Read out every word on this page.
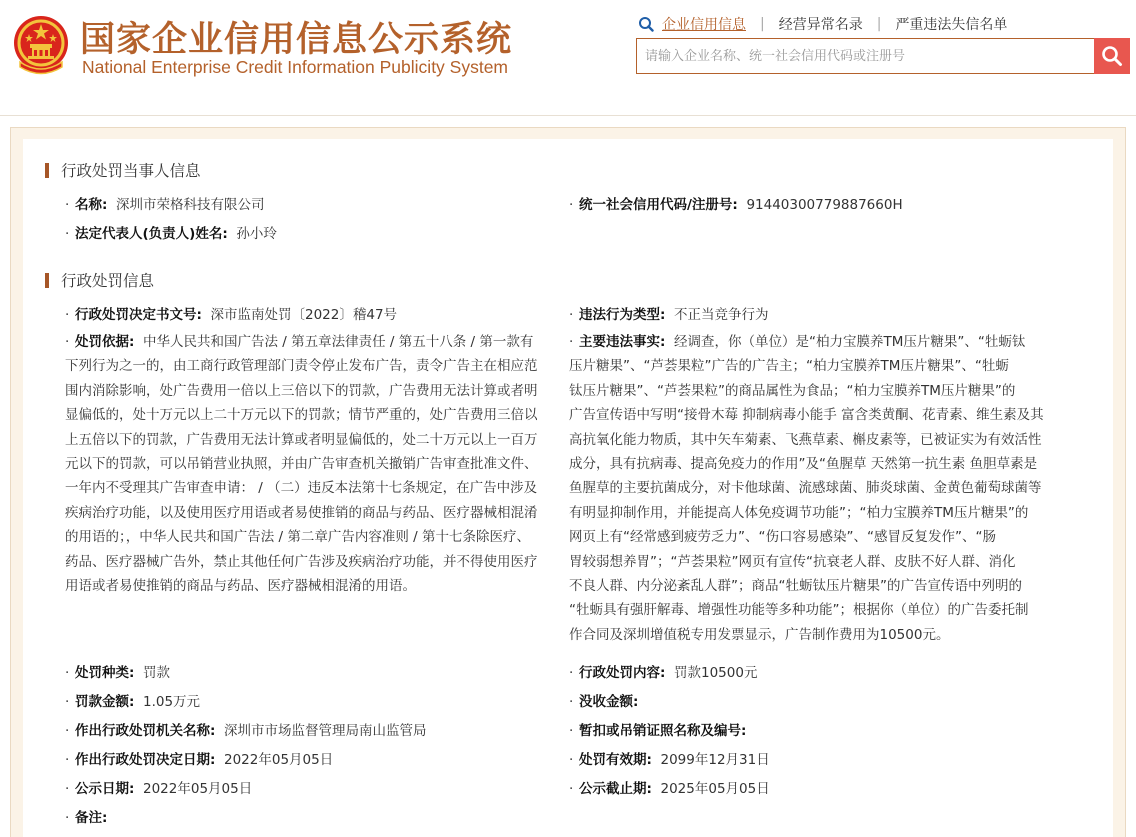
国家企业信用信息公示系统
National Enterprise Credit Information Publicity System
企业信用信息 | 经营异常名录 | 严重违法失信名单
请输入企业名称、统一社会信用代码或注册号
行政处罚当事人信息
· 名称: 深圳市荣格科技有限公司	· 统一社会信用代码/注册号: 91440300779887660H
· 法定代表人(负责人)姓名: 孙小玲
行政处罚信息
· 行政处罚决定书文号: 深市监南处罚〔2022〕稽47号	· 违法行为类型: 不正当竞争行为
· 处罚依据: 中华人民共和国广告法 / 第五章法律责任 / 第五十八条 / 第一款有
下列行为之一的，由工商行政管理部门责令停止发布广告，责令广告主在相应范
围内消除影响，处广告费用一倍以上三倍以下的罚款，广告费用无法计算或者明
显偏低的，处十万元以上二十万元以下的罚款；情节严重的，处广告费用三倍以
上五倍以下的罚款，广告费用无法计算或者明显偏低的，处二十万元以上一百万
元以下的罚款，可以吊销营业执照，并由广告审查机关撤销广告审查批准文件、
一年内不受理其广告审查申请： / （二）违反本法第十七条规定，在广告中涉及
疾病治疗功能，以及使用医疗用语或者易使推销的商品与药品、医疗器械相混淆
的用语的；，中华人民共和国广告法 / 第二章广告内容准则 / 第十七条除医疗、
药品、医疗器械广告外，禁止其他任何广告涉及疾病治疗功能，并不得使用医疗
用语或者易使推销的商品与药品、医疗器械相混淆的用语。
· 主要违法事实: 经调查，你（单位）是“柏力宝膜养TM压片糖果”、“牡蛎钛
压片糖果”、“芦荟果粒”广告的广告主；“柏力宝膜养TM压片糖果”、“牡蛎
钛压片糖果”、“芦荟果粒”的商品属性为食品；“柏力宝膜养TM压片糖果”的
广告宣传语中写明“接骨木莓 抑制病毒小能手 富含类黄酮、花青素、维生素及其
高抗氧化能力物质，其中矢车菊素、飞燕草素、槲皮素等，已被证实为有效活性
成分，具有抗病毒、提高免疫力的作用”及“鱼腥草 天然第一抗生素 鱼胆草素是
鱼腥草的主要抗菌成分，对卡他球菌、流感球菌、肺炎球菌、金黄色葡萄球菌等
有明显抑制作用，并能提高人体免疫调节功能”；“柏力宝膜养TM压片糖果”的
网页上有“经常感到疲劳乏力”、“伤口容易感染”、“感冒反复发作”、“肠
胃较弱想养胃”；“芦荟果粒”网页有宣传“抗衰老人群、皮肤不好人群、消化
不良人群、内分泌紊乱人群”；商品“牡蛎钛压片糖果”的广告宣传语中列明的
“牡蛎具有强肝解毒、增强性功能等多种功能”；根据你（单位）的广告委托制
作合同及深圳增值税专用发票显示，广告制作费用为10500元。
· 处罚种类: 罚款	· 行政处罚内容: 罚款10500元
· 罚款金额: 1.05万元	· 没收金额:
· 作出行政处罚机关名称: 深圳市市场监督管理局南山监管局	· 暂扣或吊销证照名称及编号:
· 作出行政处罚决定日期: 2022年05月05日	· 处罚有效期: 2099年12月31日
· 公示日期: 2022年05月05日	· 公示截止期: 2025年05月05日
· 备注:
